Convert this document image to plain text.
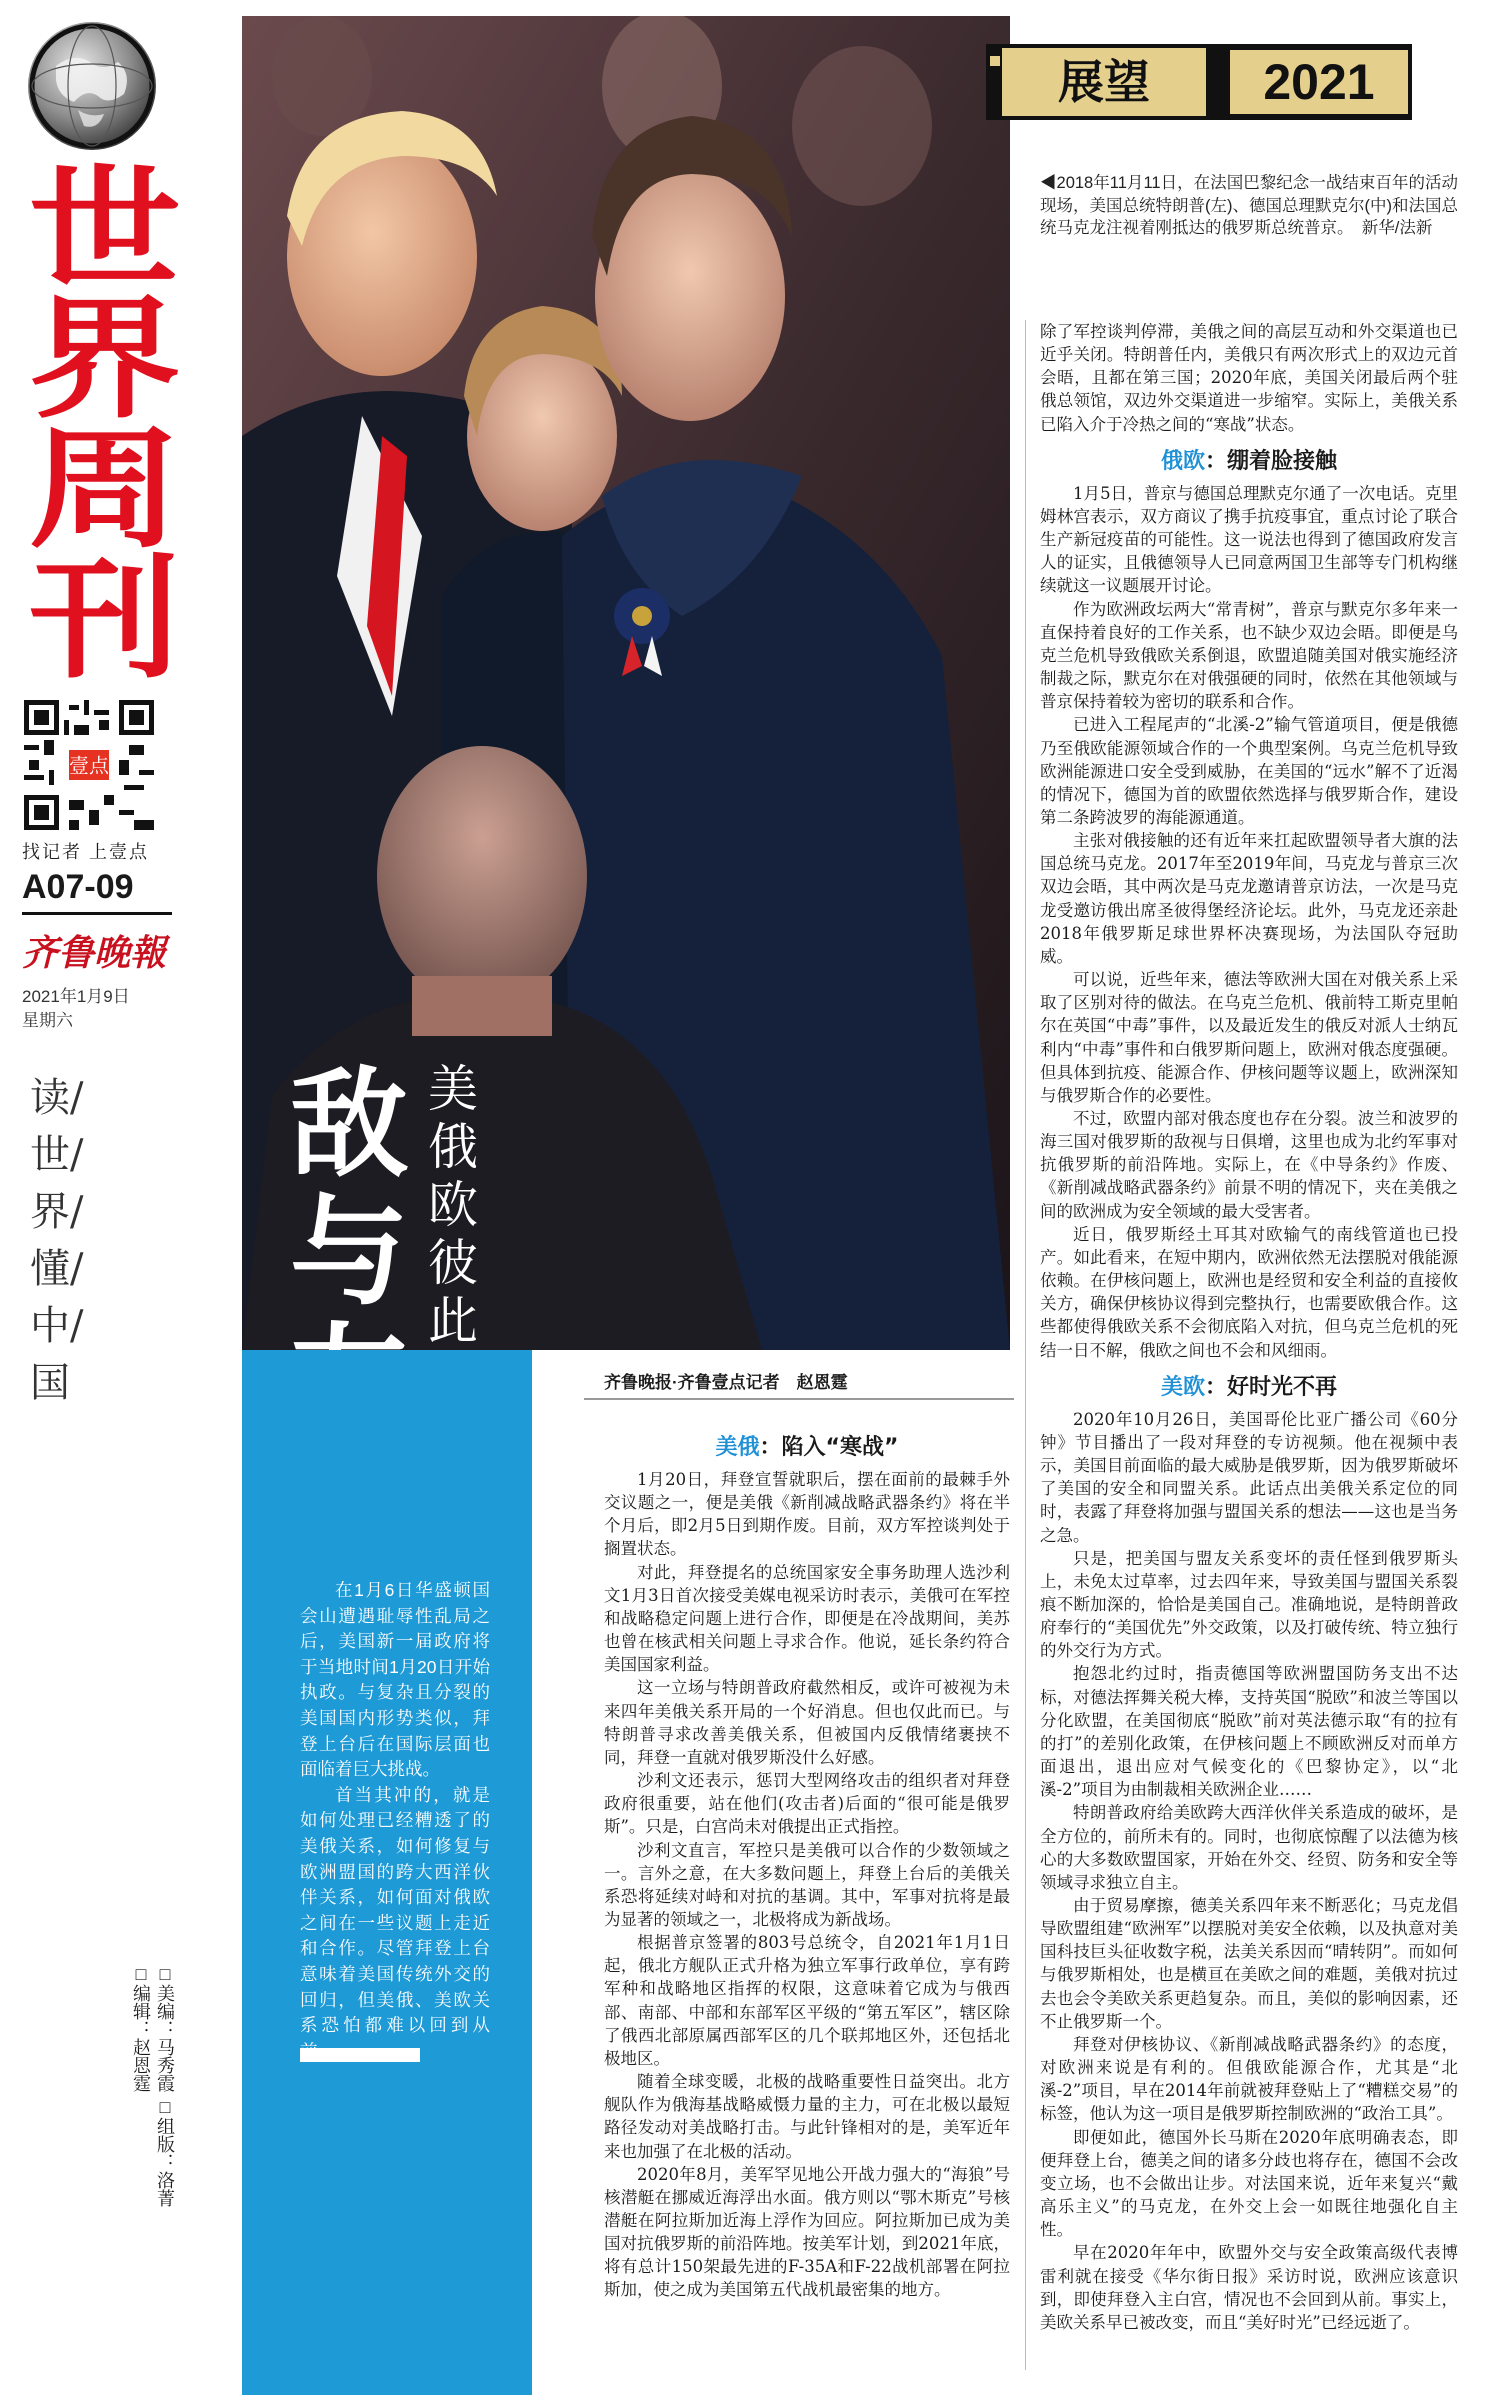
世
界
周
刊
壹点
找记者 上壹点
A07-09
齐鲁晚報
2021年1月9日
星期六
读/世/界/懂/中/国
□编辑：赵恩霆 □美编：马秀霞 □组版：洛菁
敌与
美俄欧彼此

在1月6日华盛顿国会山遭遇耻辱性乱局之后，美国新一届政府将于当地时间1月20日开始执政。与复杂且分裂的美国国内形势类似，拜登上台后在国际层面也面临着巨大挑战。

首当其冲的，就是如何处理已经糟透了的美俄关系，如何修复与欧洲盟国的跨大西洋伙伴关系，如何面对俄欧之间在一些议题上走近和合作。尽管拜登上台意味着美国传统外交的回归，但美俄、美欧关系恐怕都难以回到从

展望	2021
◀2018年11月11日，在法国巴黎纪念一战结束百年的活动现场，美国总统特朗普(左)、德国总理默克尔(中)和法国总统马克龙注视着刚抵达的俄罗斯总统普京。　新华/法新
齐鲁晚报·齐鲁壹点记者　赵恩霆
美俄：陷入“寒战”

1月20日，拜登宣誓就职后，摆在面前的最棘手外交议题之一，便是美俄《新削减战略武器条约》将在半个月后，即2月5日到期作废。目前，双方军控谈判处于搁置状态。

对此，拜登提名的总统国家安全事务助理人选沙利文1月3日首次接受美媒电视采访时表示，美俄可在军控和战略稳定问题上进行合作，即便是在冷战期间，美苏也曾在核武相关问题上寻求合作。他说，延长条约符合美国国家利益。

这一立场与特朗普政府截然相反，或许可被视为未来四年美俄关系开局的一个好消息。但也仅此而已。与特朗普寻求改善美俄关系，但被国内反俄情绪裹挟不同，拜登一直就对俄罗斯没什么好感。

沙利文还表示，惩罚大型网络攻击的组织者对拜登政府很重要，站在他们(攻击者)后面的“很可能是俄罗斯”。只是，白宫尚未对俄提出正式指控。

沙利文直言，军控只是美俄可以合作的少数领域之一。言外之意，在大多数问题上，拜登上台后的美俄关系恐将延续对峙和对抗的基调。其中，军事对抗将是最为显著的领域之一，北极将成为新战场。

根据普京签署的803号总统令，自2021年1月1日起，俄北方舰队正式升格为独立军事行政单位，享有跨军种和战略地区指挥的权限，这意味着它成为与俄西部、南部、中部和东部军区平级的“第五军区”，辖区除了俄西北部原属西部军区的几个联邦地区外，还包括北极地区。

随着全球变暖，北极的战略重要性日益突出。北方舰队作为俄海基战略威慑力量的主力，可在北极以最短路径发动对美战略打击。与此针锋相对的是，美军近年来也加强了在北极的活动。

2020年8月，美军罕见地公开战力强大的“海狼”号核潜艇在挪威近海浮出水面。俄方则以“鄂木斯克”号核潜艇在阿拉斯加近海上浮作为回应。阿拉斯加已成为美国对抗俄罗斯的前沿阵地。按美军计划，到2021年底，将有总计150架最先进的F-35A和F-22战机部署在阿拉斯加，使之成为美国第五代战机最密集的地方。

除了军控谈判停滞，美俄之间的高层互动和外交渠道也已近乎关闭。特朗普任内，美俄只有两次形式上的双边元首会晤，且都在第三国；2020年底，美国关闭最后两个驻俄总领馆，双边外交渠道进一步缩窄。实际上，美俄关系已陷入介于冷热之间的“寒战”状态。

俄欧：绷着脸接触

1月5日，普京与德国总理默克尔通了一次电话。克里姆林宫表示，双方商议了携手抗疫事宜，重点讨论了联合生产新冠疫苗的可能性。这一说法也得到了德国政府发言人的证实，且俄德领导人已同意两国卫生部等专门机构继续就这一议题展开讨论。

作为欧洲政坛两大“常青树”，普京与默克尔多年来一直保持着良好的工作关系，也不缺少双边会晤。即便是乌克兰危机导致俄欧关系倒退，欧盟追随美国对俄实施经济制裁之际，默克尔在对俄强硬的同时，依然在其他领域与普京保持着较为密切的联系和合作。

已进入工程尾声的“北溪-2”输气管道项目，便是俄德乃至俄欧能源领域合作的一个典型案例。乌克兰危机导致欧洲能源进口安全受到威胁，在美国的“远水”解不了近渴的情况下，德国为首的欧盟依然选择与俄罗斯合作，建设第二条跨波罗的海能源通道。

主张对俄接触的还有近年来扛起欧盟领导者大旗的法国总统马克龙。2017年至2019年间，马克龙与普京三次双边会晤，其中两次是马克龙邀请普京访法，一次是马克龙受邀访俄出席圣彼得堡经济论坛。此外，马克龙还亲赴2018年俄罗斯足球世界杯决赛现场，为法国队夺冠助威。

可以说，近些年来，德法等欧洲大国在对俄关系上采取了区别对待的做法。在乌克兰危机、俄前特工斯克里帕尔在英国“中毒”事件，以及最近发生的俄反对派人士纳瓦利内“中毒”事件和白俄罗斯问题上，欧洲对俄态度强硬。但具体到抗疫、能源合作、伊核问题等议题上，欧洲深知与俄罗斯合作的必要性。

不过，欧盟内部对俄态度也存在分裂。波兰和波罗的海三国对俄罗斯的敌视与日俱增，这里也成为北约军事对抗俄罗斯的前沿阵地。实际上，在《中导条约》作废、《新削减战略武器条约》前景不明的情况下，夹在美俄之间的欧洲成为安全领域的最大受害者。

近日，俄罗斯经土耳其对欧输气的南线管道也已投产。如此看来，在短中期内，欧洲依然无法摆脱对俄能源依赖。在伊核问题上，欧洲也是经贸和安全利益的直接攸关方，确保伊核协议得到完整执行，也需要欧俄合作。这些都使得俄欧关系不会彻底陷入对抗，但乌克兰危机的死结一日不解，俄欧之间也不会和风细雨。

美欧：好时光不再

2020年10月26日，美国哥伦比亚广播公司《60分钟》节目播出了一段对拜登的专访视频。他在视频中表示，美国目前面临的最大威胁是俄罗斯，因为俄罗斯破坏了美国的安全和同盟关系。此话点出美俄关系定位的同时，表露了拜登将加强与盟国关系的想法——这也是当务之急。

只是，把美国与盟友关系变坏的责任怪到俄罗斯头上，未免太过草率，过去四年来，导致美国与盟国关系裂痕不断加深的，恰恰是美国自己。准确地说，是特朗普政府奉行的“美国优先”外交政策，以及打破传统、特立独行的外交行为方式。

抱怨北约过时，指责德国等欧洲盟国防务支出不达标，对德法挥舞关税大棒，支持英国“脱欧”和波兰等国以分化欧盟，在美国彻底“脱欧”前对英法德示取“有的拉有的打”的差别化政策，在伊核问题上不顾欧洲反对而单方面退出，退出应对气候变化的《巴黎协定》，以“北溪-2”项目为由制裁相关欧洲企业……

特朗普政府给美欧跨大西洋伙伴关系造成的破坏，是全方位的，前所未有的。同时，也彻底惊醒了以法德为核心的大多数欧盟国家，开始在外交、经贸、防务和安全等领域寻求独立自主。

由于贸易摩擦，德美关系四年来不断恶化；马克龙倡导欧盟组建“欧洲军”以摆脱对美安全依赖，以及执意对美国科技巨头征收数字税，法美关系因而“晴转阴”。而如何与俄罗斯相处，也是横亘在美欧之间的难题，美俄对抗过去也会令美欧关系更趋复杂。而且，美似的影响因素，还不止俄罗斯一个。

拜登对伊核协议、《新削减战略武器条约》的态度，对欧洲来说是有利的。但俄欧能源合作，尤其是“北溪-2”项目，早在2014年前就被拜登贴上了“糟糕交易”的标签，他认为这一项目是俄罗斯控制欧洲的“政治工具”。

即便如此，德国外长马斯在2020年底明确表态，即便拜登上台，德美之间的诸多分歧也将存在，德国不会改变立场，也不会做出让步。对法国来说，近年来复兴“戴高乐主义”的马克龙，在外交上会一如既往地强化自主性。

早在2020年年中，欧盟外交与安全政策高级代表博雷利就在接受《华尔街日报》采访时说，欧洲应该意识到，即使拜登入主白宫，情况也不会回到从前。事实上，美欧关系早已被改变，而且“美好时光”已经远逝了。
